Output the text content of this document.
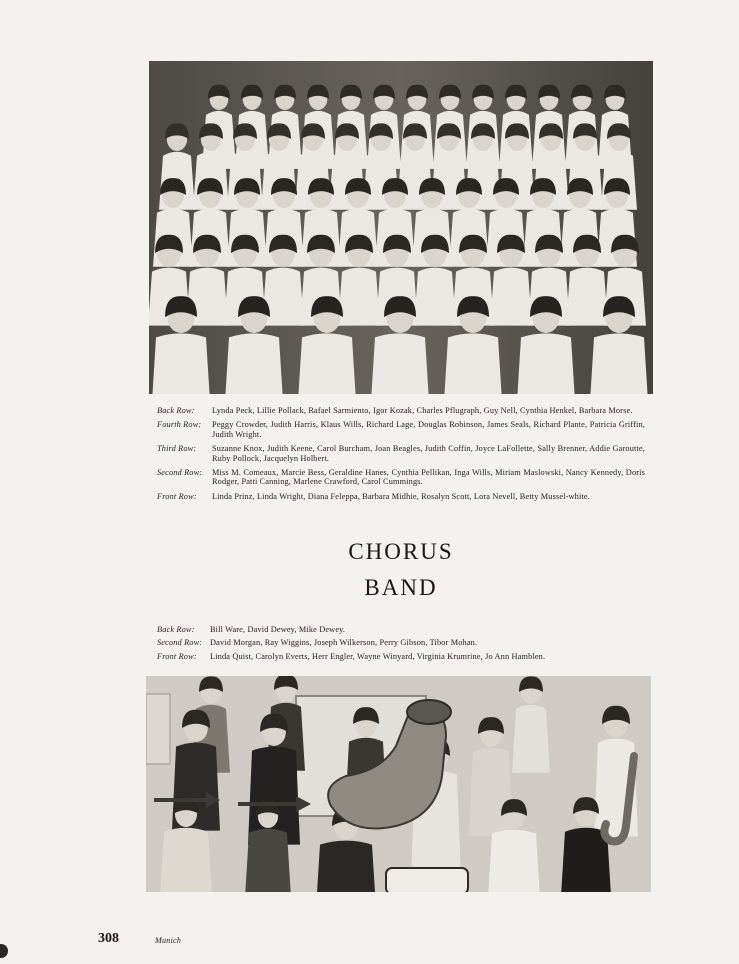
Back Row:	Lynda Peck, Lillie Pollack, Rafael Sarmiento, Igor Kozak, Charles Pflugraph, Guy Nell, Cynthia Henkel, Barbara Morse.
Fourth Row:	Peggy Crowder, Judith Harris, Klaus Wills, Richard Lage, Douglas Robinson, James Seals, Richard Plante, Patricia Griffin, Judith Wright.
Third Row:	Suzanne Knox, Judith Keene, Carol Burcham, Joan Beagles, Judith Coffin, Joyce LaFollette, Sally Brenner, Addie Garoutte, Ruby Pollock, Jacquelyn Holbert.
Second Row:	Miss M. Comeaux, Marcie Bess, Geraldine Hanes, Cynthia Pellikan, Inga Wills, Miriam Maslowski, Nancy Kennedy, Doris Rodger, Patti Canning, Marlene Crawford, Carol Cummings.
Front Row:	Linda Prinz, Linda Wright, Diana Feleppa, Barbara Midhie, Rosalyn Scott, Lora Nevell, Betty Mussel-white.
CHORUS
BAND
Back Row:	Bill Ware, David Dewey, Mike Dewey.
Second Row: David Morgan, Ray Wiggins, Joseph Wilkerson, Perry Gibson, Tibor Mohan.
Front Row:	Linda Quist, Carolyn Everts, Herr Engler, Wayne Winyard, Virginia Krumrine, Jo Ann Hamblen.
308	Munich
